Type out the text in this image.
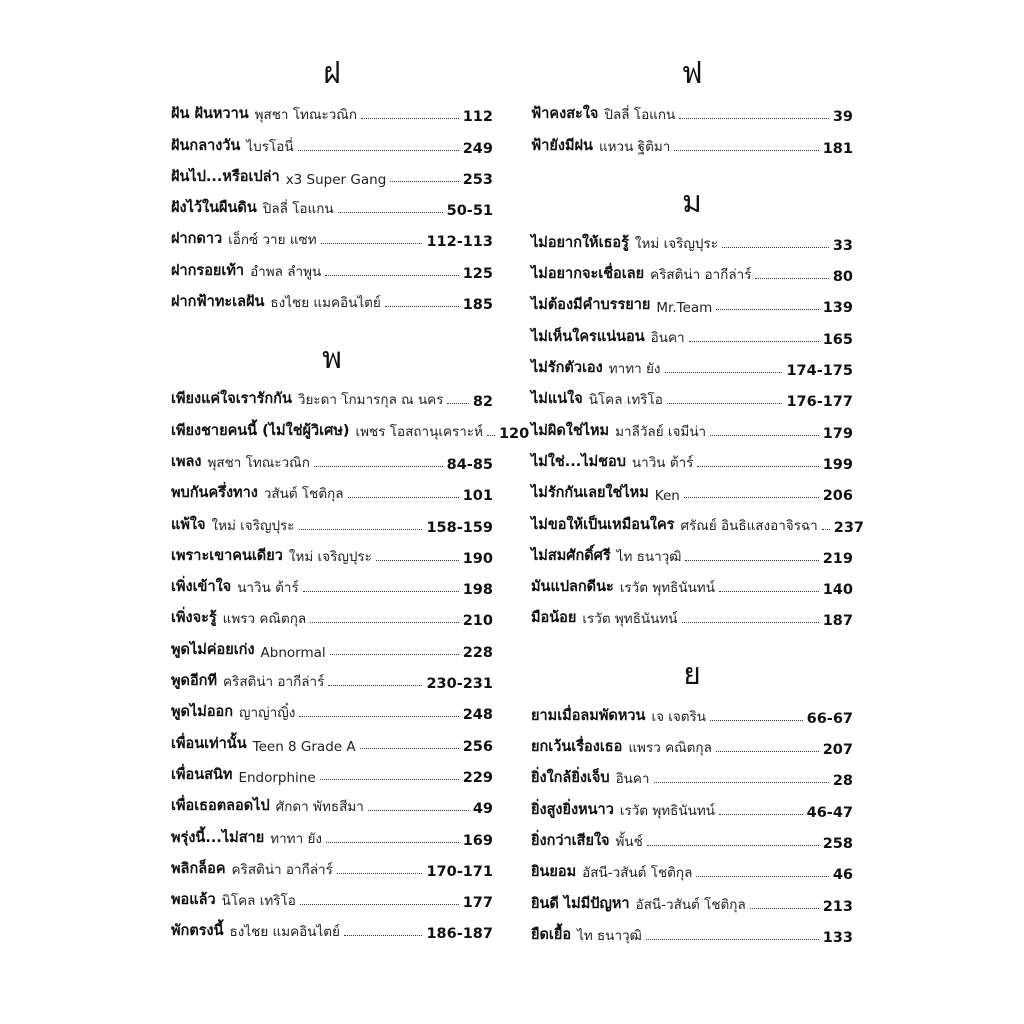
ฝ
ฝัน ฝันหวาน พุสชา โทณะวณิก	112
ฝันกลางวัน ไบรโอนี่	249
ฝันไป...หรือเปล่า x3 Super Gang	253
ฝังไว้ในผืนดิน ปิลลี่ โอแกน	50-51
ฝากดาว เอ็กซ์ วาย แซท	112-113
ฝากรอยเท้า อำพล ลำพูน	125
ฝากฟ้าทะเลฝัน ธงไชย แมคอินไตย์	185
พ
เพียงแค่ใจเรารักกัน วิยะดา โกมารกุล ณ นคร 82
เพียงชายคนนี้ (ไม่ใช่ผู้วิเศษ) เพชร โอสถานุเคราะห์ 120
เพลง พุสชา โทณะวณิก	84-85
พบกันครึ่งทาง วสันต์ โชติกุล	101
แพ้ใจ ใหม่ เจริญปุระ	158-159
เพราะเขาคนเดียว ใหม่ เจริญปุระ	190
เพิ่งเข้าใจ นาวิน ต้าร์	198
เพิ่งจะรู้ แพรว คณิตกุล	210
พูดไม่ค่อยเก่ง Abnormal	228
พูดอีกที คริสติน่า อากีล่าร์	230-231
พูดไม่ออก ญาญ่าญิ๋ง	248
เพื่อนเท่านั้น Teen 8 Grade A	256
เพื่อนสนิท Endorphine	229
เพื่อเธอตลอดไป ศักดา พัทธสีมา	49
พรุ่งนี้...ไม่สาย ทาทา ยัง	169
พลิกล็อค คริสติน่า อากีล่าร์	170-171
พอแล้ว นิโคล เทริโอ	177
พักตรงนี้ ธงไชย แมคอินไตย์	186-187
ฟ
ฟ้าคงสะใจ ปิลลี่ โอแกน	39
ฟ้ายังมีฝน แหวน ฐิติมา	181
ม
ไม่อยากให้เธอรู้ ใหม่ เจริญปุระ	33
ไม่อยากจะเชื่อเลย คริสติน่า อากีล่าร์	80
ไม่ต้องมีคำบรรยาย Mr.Team	139
ไม่เห็นใครแน่นอน อินคา	165
ไม่รักตัวเอง ทาทา ยัง	174-175
ไม่แน่ใจ นิโคล เทริโอ	176-177
ไม่ผิดใช่ไหม มาลีวัลย์ เจมีน่า	179
ไม่ใช่...ไม่ชอบ นาวิน ต้าร์	199
ไม่รักกันเลยใช่ไหม Ken	206
ไม่ขอให้เป็นเหมือนใคร ศรัณย์ อินธิแสงอาจิรฉา 237
ไม่สมศักดิ์ศรี ไท ธนาวุฒิ	219
มันแปลกดีนะ เรวัต พุทธินันทน์	140
มือน้อย เรวัต พุทธินันทน์	187
ย
ยามเมื่อลมพัดหวน เจ เจตริน	66-67
ยกเว้นเรื่องเธอ แพรว คณิตกุล	207
ยิ่งใกล้ยิ่งเจ็บ อินคา	28
ยิ่งสูงยิ่งหนาว เรวัต พุทธินันทน์	46-47
ยิ่งกว่าเสียใจ พั้นช์	258
ยินยอม อัสนี-วสันต์ โชติกุล	46
ยินดี ไม่มีปัญหา อัสนี-วสันต์ โชติกุล	213
ยืดเยื้อ ไท ธนาวุฒิ	133
